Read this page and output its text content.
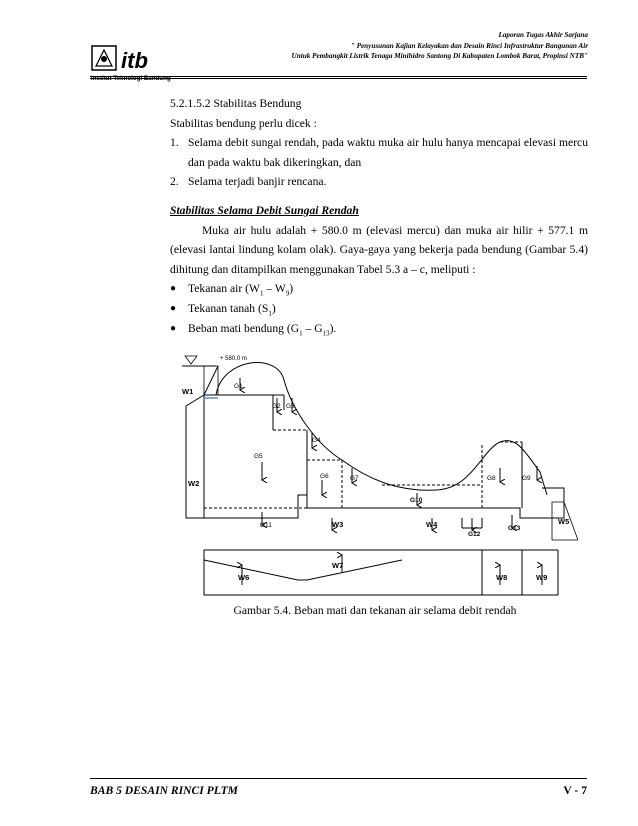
itb
Institut Teknologi Bandung
Laporan Tugas Akhir Sarjana
" Penyusunan Kajian Kelayakan dan Desain Rinci Infrastruktur Bangunan Air
Untuk Pembangkit Listrik Tenaga Minihidro Santong Di Kabupaten Lombok Barat, Propinsi NTB"

5.2.1.5.2 Stabilitas Bendung

Stabilitas bendung perlu dicek :

1. Selama debit sungai rendah, pada waktu muka air hulu hanya mencapai elevasi mercu dan pada waktu bak dikeringkan, dan
2. Selama terjadi banjir rencana.

Stabilitas Selama Debit Sungai Rendah

Muka air hulu adalah + 580.0 m (elevasi mercu) dan muka air hilir + 577.1 m (elevasi lantai lindung kolam olak). Gaya-gaya yang bekerja pada bendung (Gambar 5.4) dihitung dan ditampilkan menggunakan Tabel 5.3 a – c, meliputi :

●	Tekanan air $(W_1 - W_9)$
●	Tekanan tanah $(S_1)$
●	Beban mati bendung $(G_1 - G_{13})$.
+ 580.0 m
G1
G2 G3
G4
G5
G6	G7	G8	G9
G10
G11
G12
G13
W1
W2
W3	W4	W5
W6
W7
W8	W9
Gambar 5.4. Beban mati dan tekanan air selama debit rendah
BAB 5 DESAIN RINCI PLTM	V - 7
